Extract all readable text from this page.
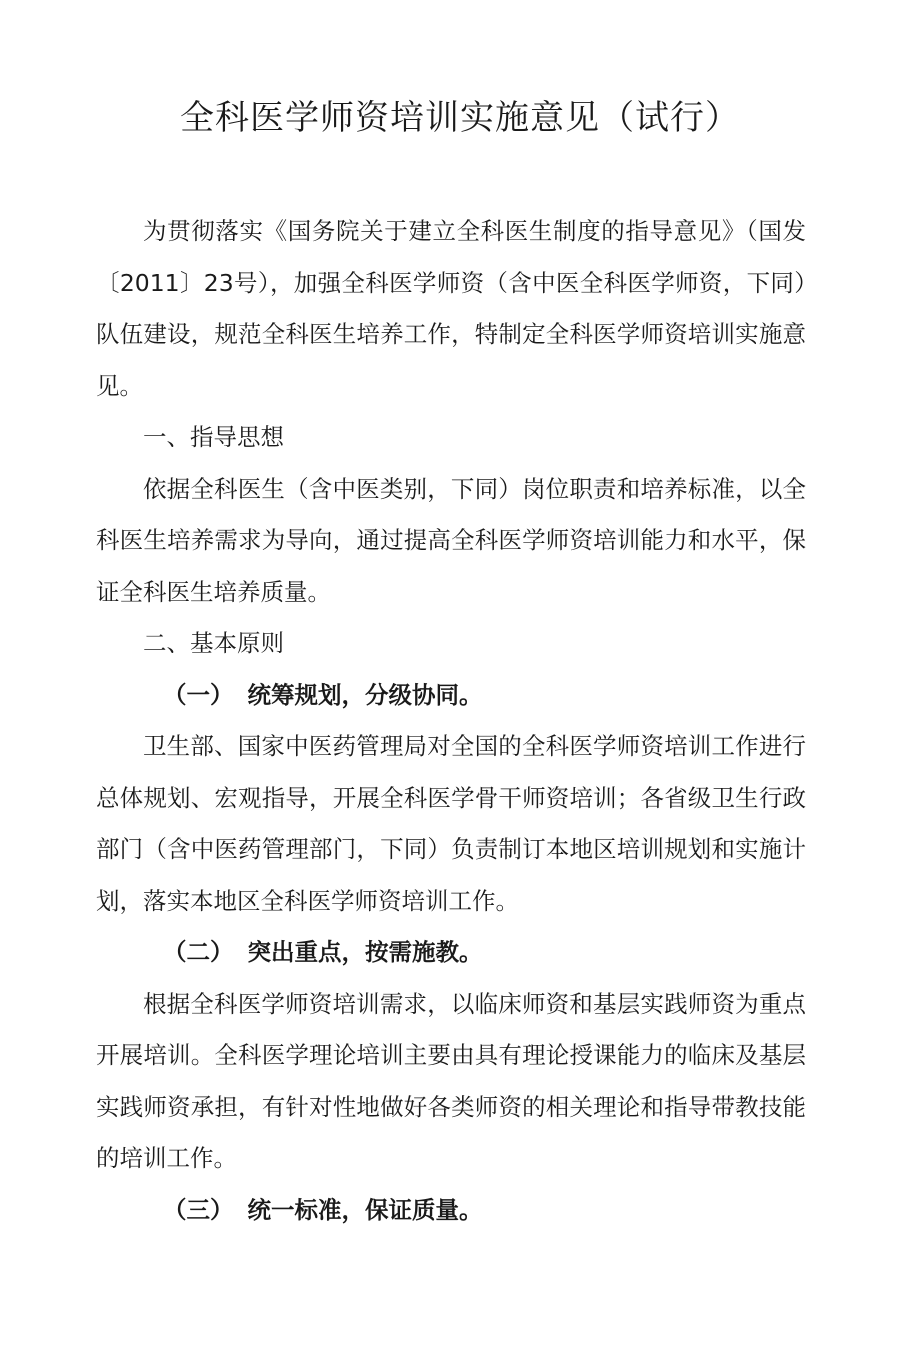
全科医学师资培训实施意见（试行）

为贯彻落实《国务院关于建立全科医生制度的指导意见》（国发〔2011〕23号），加强全科医学师资（含中医全科医学师资，下同）队伍建设，规范全科医生培养工作，特制定全科医学师资培训实施意见。

一、指导思想

依据全科医生（含中医类别，下同）岗位职责和培养标准，以全科医生培养需求为导向，通过提高全科医学师资培训能力和水平，保证全科医生培养质量。

二、基本原则

（一） 统筹规划，分级协同。

卫生部、国家中医药管理局对全国的全科医学师资培训工作进行总体规划、宏观指导，开展全科医学骨干师资培训；各省级卫生行政部门（含中医药管理部门，下同）负责制订本地区培训规划和实施计划，落实本地区全科医学师资培训工作。

（二） 突出重点，按需施教。

根据全科医学师资培训需求，以临床师资和基层实践师资为重点开展培训。全科医学理论培训主要由具有理论授课能力的临床及基层实践师资承担，有针对性地做好各类师资的相关理论和指导带教技能的培训工作。

（三） 统一标准，保证质量。
